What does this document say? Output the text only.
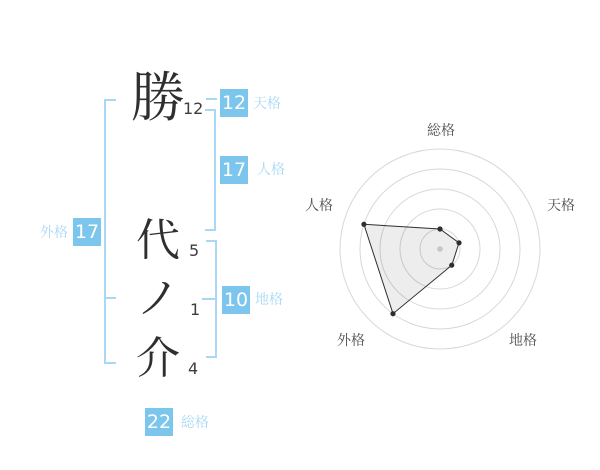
勝
代
ノ
介
12
5
1
4
12 天格
17 人格
10 地格
外格 17
22 総格
総格
天格
地格
外格
人格
